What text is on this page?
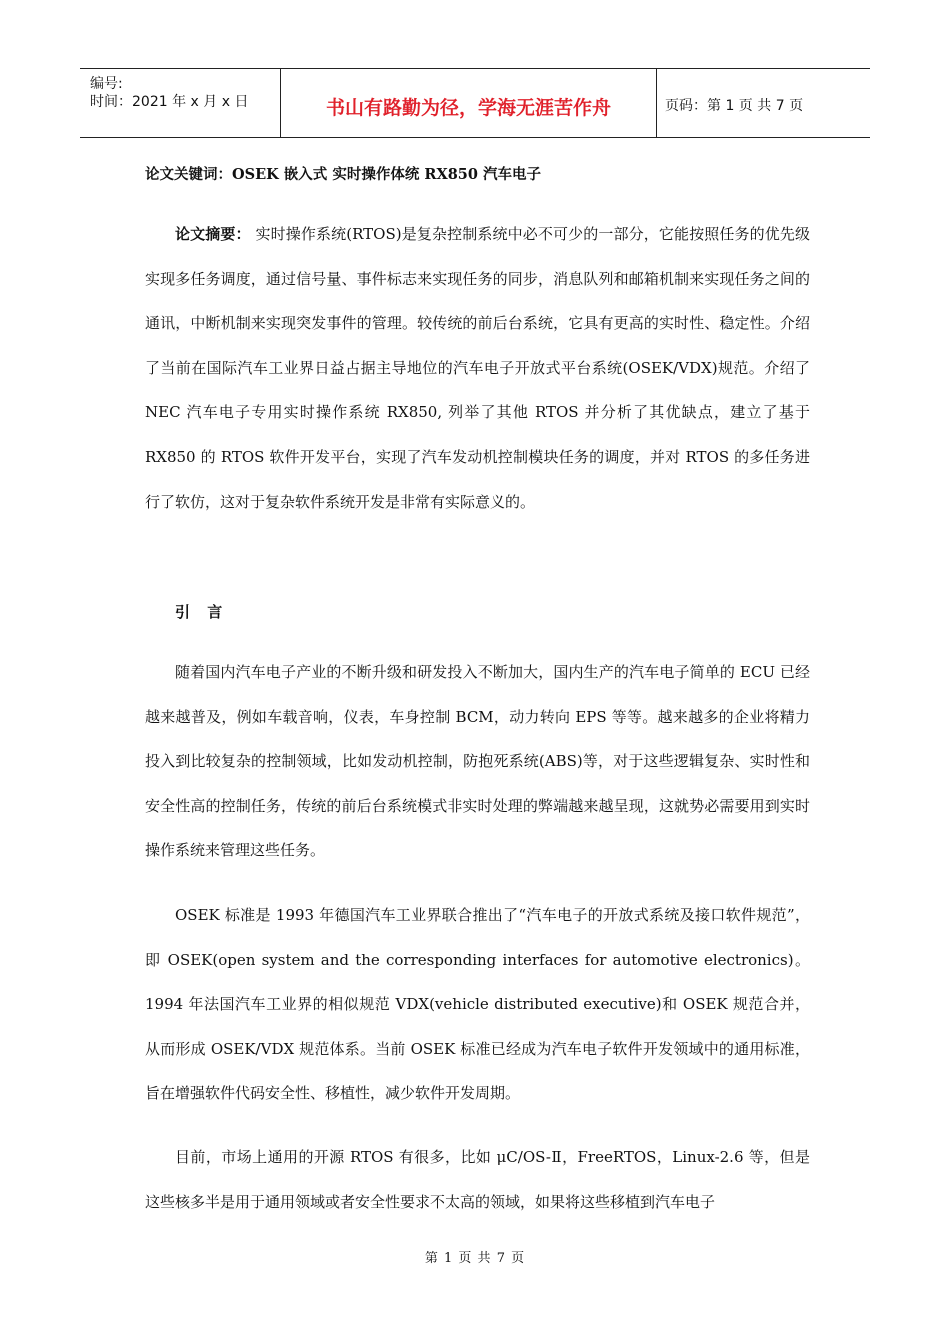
编号:
时间：2021 年 x 月 x 日	书山有路勤为径，学海无涯苦作舟	页码：第 1 页 共 7 页
论文关键词：OSEK 嵌入式 实时操作体统 RX850 汽车电子

论文摘要： 实时操作系统(RTOS)是复杂控制系统中必不可少的一部分，它能按照任务的优先级实现多任务调度，通过信号量、事件标志来实现任务的同步，消息队列和邮箱机制来实现任务之间的通讯，中断机制来实现突发事件的管理。较传统的前后台系统，它具有更高的实时性、稳定性。介绍了当前在国际汽车工业界日益占据主导地位的汽车电子开放式平台系统(OSEK/VDX)规范。介绍了 NEC 汽车电子专用实时操作系统 RX850, 列举了其他 RTOS 并分析了其优缺点，建立了基于 RX850 的 RTOS 软件开发平台，实现了汽车发动机控制模块任务的调度，并对 RTOS 的多任务进行了软仿，这对于复杂软件系统开发是非常有实际意义的。

引 言

随着国内汽车电子产业的不断升级和研发投入不断加大，国内生产的汽车电子简单的 ECU 已经越来越普及，例如车载音响，仪表，车身控制 BCM，动力转向 EPS 等等。越来越多的企业将精力投入到比较复杂的控制领域，比如发动机控制，防抱死系统(ABS)等，对于这些逻辑复杂、实时性和安全性高的控制任务，传统的前后台系统模式非实时处理的弊端越来越呈现，这就势必需要用到实时操作系统来管理这些任务。

OSEK 标准是 1993 年德国汽车工业界联合推出了“汽车电子的开放式系统及接口软件规范”，即 OSEK(open system and the corresponding interfaces for automotive electronics)。1994 年法国汽车工业界的相似规范 VDX(vehicle distributed executive)和 OSEK 规范合并，从而形成 OSEK/VDX 规范体系。当前 OSEK 标准已经成为汽车电子软件开发领域中的通用标准，旨在增强软件代码安全性、移植性，减少软件开发周期。

目前，市场上通用的开源 RTOS 有很多，比如 μC/OS-Ⅱ，FreeRTOS，Linux-2.6 等，但是这些核多半是用于通用领域或者安全性要求不太高的领域，如果将这些移植到汽车电子

第 1 页 共 7 页
